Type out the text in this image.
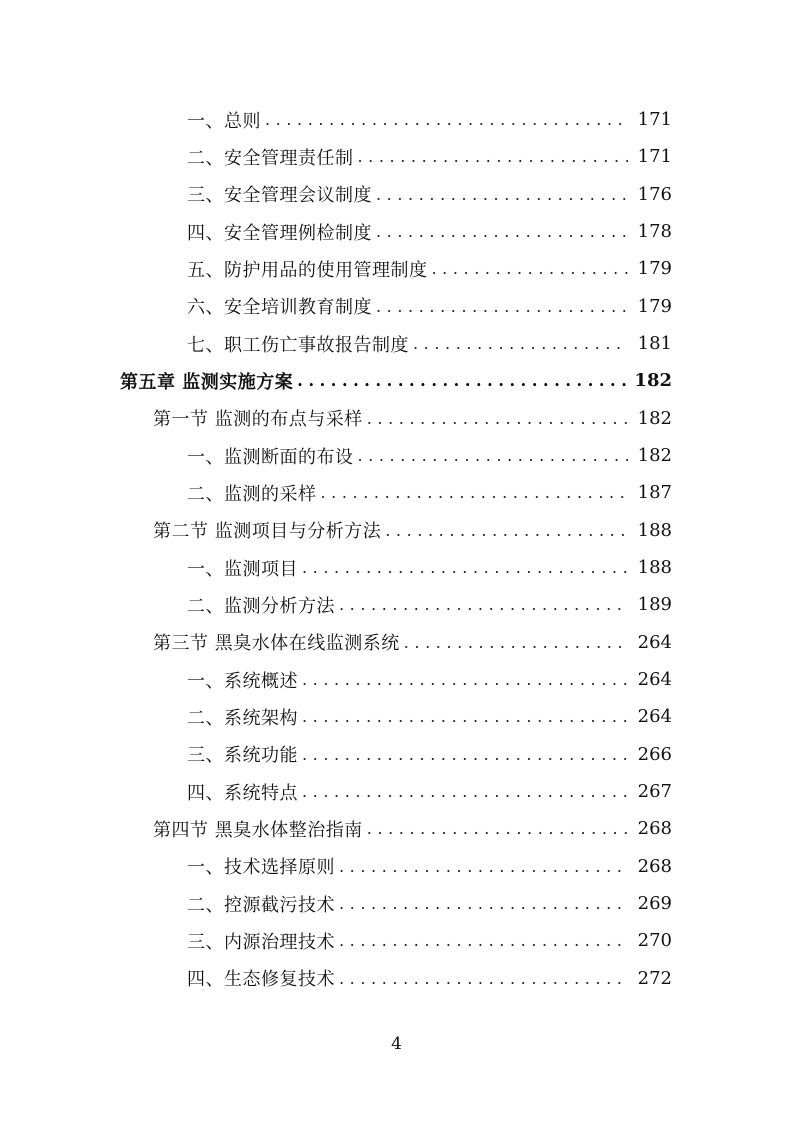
一、总则 .....	171
二、安全管理责任制 .....	171
三、安全管理会议制度 .....	176
四、安全管理例检制度 .....	178
五、防护用品的使用管理制度 .....	179
六、安全培训教育制度 .....	179
七、职工伤亡事故报告制度 .....	181
第五章 监测实施方案 .....	182
第一节 监测的布点与采样 .....	182
一、监测断面的布设 .....	182
二、监测的采样 .....	187
第二节 监测项目与分析方法 .....	188
一、监测项目 .....	188
二、监测分析方法 .....	189
第三节 黑臭水体在线监测系统 .....	264
一、系统概述 .....	264
二、系统架构 .....	264
三、系统功能 .....	266
四、系统特点 .....	267
第四节 黑臭水体整治指南 .....	268
一、技术选择原则 .....	268
二、控源截污技术 .....	269
三、内源治理技术 .....	270
四、生态修复技术 .....	272
4
